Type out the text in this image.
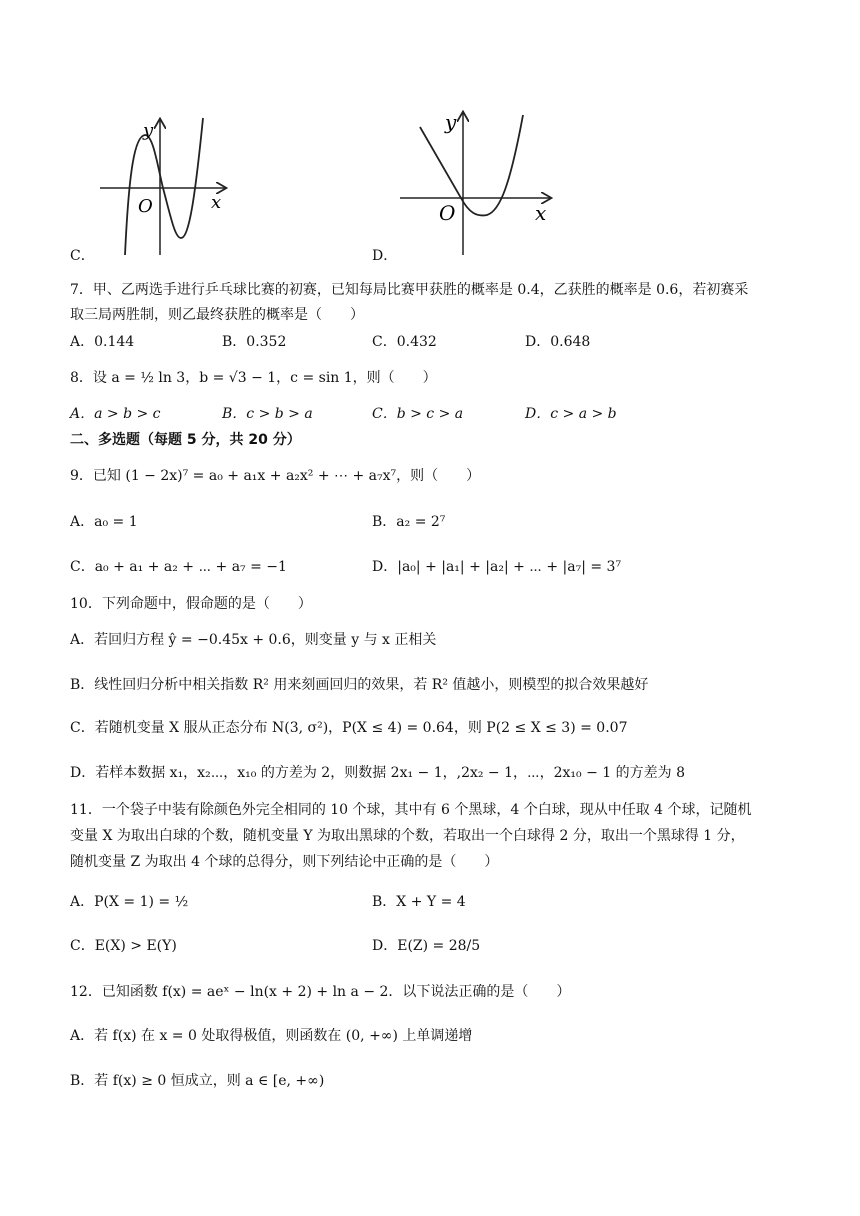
y
x
O
C．
y
x
O
D．
7．甲、乙两选手进行乒乓球比赛的初赛，已知每局比赛甲获胜的概率是 0.4，乙获胜的概率是 0.6，若初赛采
取三局两胜制，则乙最终获胜的概率是（　　）
A．0.144	B．0.352	C．0.432	D．0.648
8．设 a = ½ ln 3，b = √3 − 1，c = sin 1，则（　　）
A．a > b > c	B．c > b > a	C．b > c > a	D．c > a > b
二、多选题（每题 5 分，共 20 分）
9．已知 (1 − 2x)⁷ = a₀ + a₁x + a₂x² + ⋯ + a₇x⁷，则（　　）
A．a₀ = 1	B．a₂ = 2⁷
C．a₀ + a₁ + a₂ + ⋯ + a₇ = −1	D．|a₀| + |a₁| + |a₂| + ⋯ + |a₇| = 3⁷
10．下列命题中，假命题的是（　　）
A．若回归方程 ŷ = −0.45x + 0.6，则变量 y 与 x 正相关
B．线性回归分析中相关指数 R² 用来刻画回归的效果，若 R² 值越小，则模型的拟合效果越好
C．若随机变量 X 服从正态分布 N(3, σ²)，P(X ≤ 4) = 0.64，则 P(2 ≤ X ≤ 3) = 0.07
D．若样本数据 x₁，x₂⋯，x₁₀ 的方差为 2，则数据 2x₁ − 1，,2x₂ − 1，⋯，2x₁₀ − 1 的方差为 8
11．一个袋子中装有除颜色外完全相同的 10 个球，其中有 6 个黑球，4 个白球，现从中任取 4 个球，记随机
变量 X 为取出白球的个数，随机变量 Y 为取出黑球的个数，若取出一个白球得 2 分，取出一个黑球得 1 分，
随机变量 Z 为取出 4 个球的总得分，则下列结论中正确的是（　　）
A．P(X = 1) = ½	B．X + Y = 4
C．E(X) > E(Y)	D．E(Z) = 28/5
12．已知函数 f(x) = aeˣ − ln(x + 2) + ln a − 2．以下说法正确的是（　　）
A．若 f(x) 在 x = 0 处取得极值，则函数在 (0, +∞) 上单调递增
B．若 f(x) ≥ 0 恒成立，则 a ∈ [e, +∞)
